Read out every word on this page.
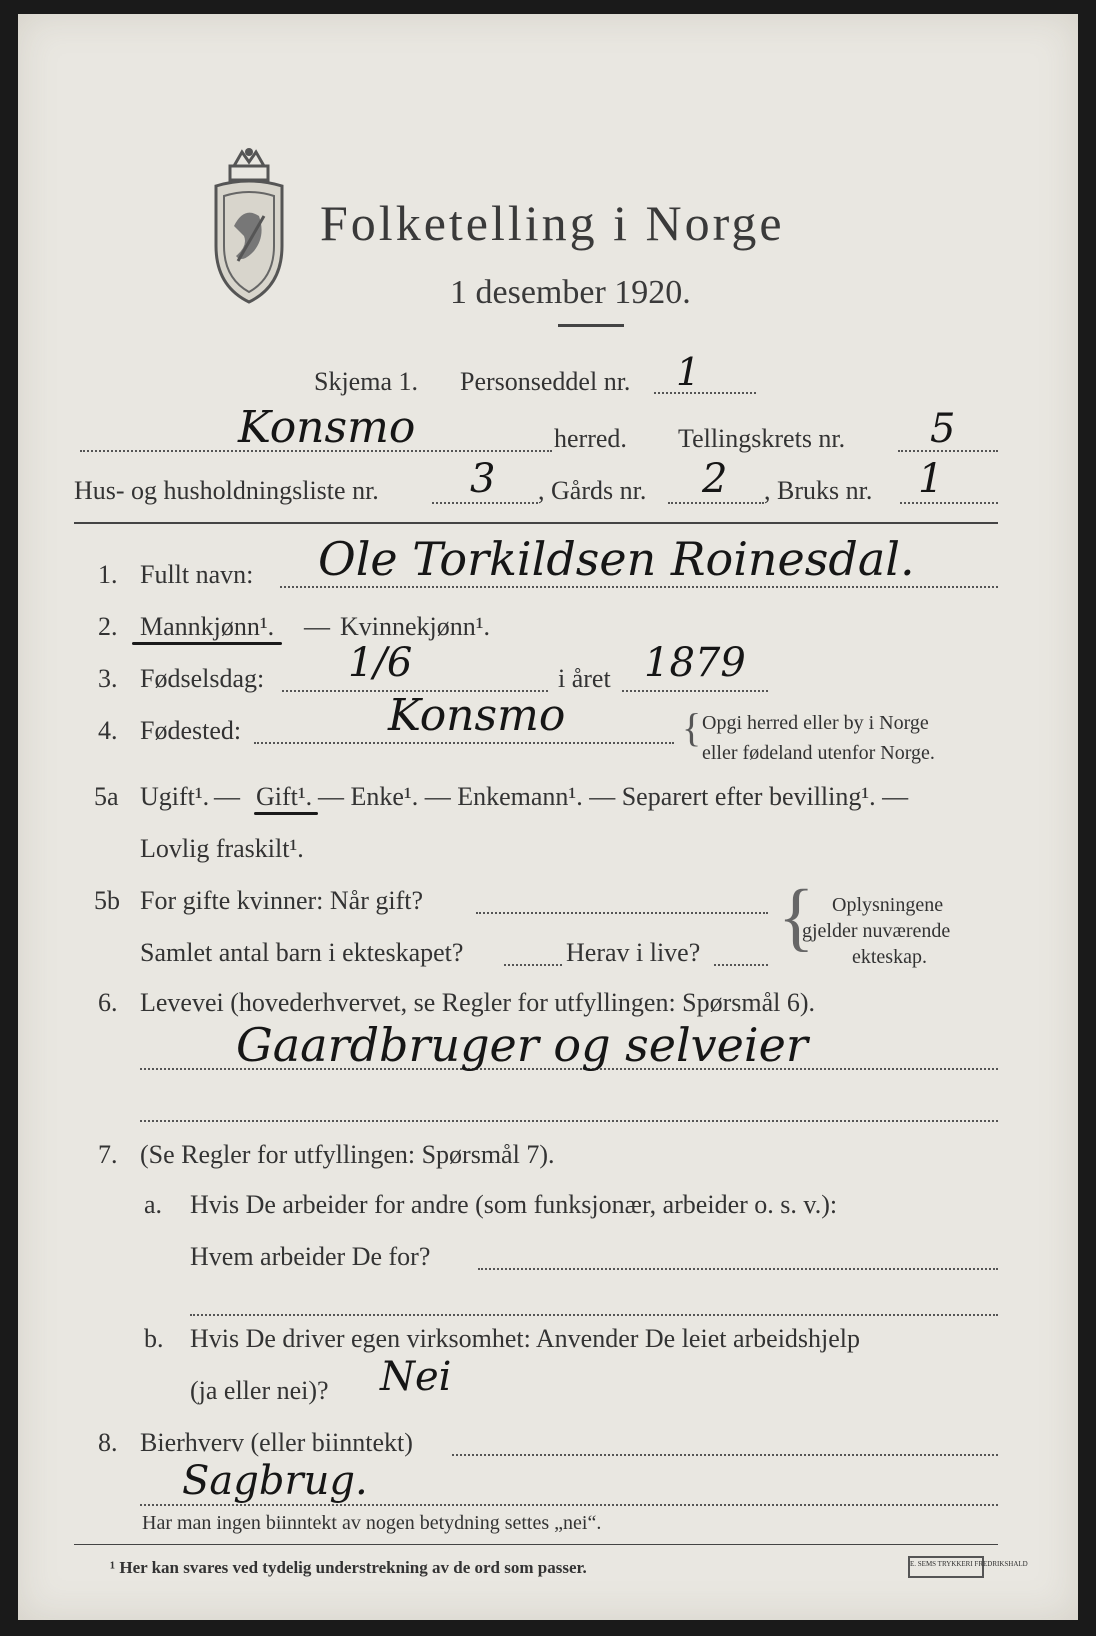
Folketelling i Norge
1 desember 1920.
Skjema 1. Personseddel nr. 1
Konsmo	herred. Tellingskrets nr. 5
Hus- og husholdningsliste nr. 3 , Gårds nr. 2 , Bruks nr. 1
1. Fullt navn: Ole Torkildsen Roinesdal.
2. Mannkjønn¹. — Kvinnekjønn¹.
3. Fødselsdag: 1/6	i året 1879
4. Fødested:	Konsmo	{ Opgi herred eller by i Norge
eller fødeland utenfor Norge.
5a Ugift¹. — Gift¹. — Enke¹. — Enkemann¹. — Separert efter bevilling¹. —
Lovlig fraskilt¹.
5b For gifte kvinner: Når gift?
Samlet antal barn i ekteskapet?	Herav i live? { Oplysningene
gjelder nuværende
ekteskap.
6. Levevei (hovederhvervet, se Regler for utfyllingen: Spørsmål 6).
Gaardbruger og selveier
7. (Se Regler for utfyllingen: Spørsmål 7).
a. Hvis De arbeider for andre (som funksjonær, arbeider o. s. v.):
Hvem arbeider De for?
b. Hvis De driver egen virksomhet: Anvender De leiet arbeidshjelp
(ja eller nei)? Nei
8. Bierhverv (eller biinntekt)
Sagbrug.
Har man ingen biinntekt av nogen betydning settes „nei“.
¹ Her kan svares ved tydelig understrekning av de ord som passer.	E. SEMS TRYKKERI FREDRIKSHALD
